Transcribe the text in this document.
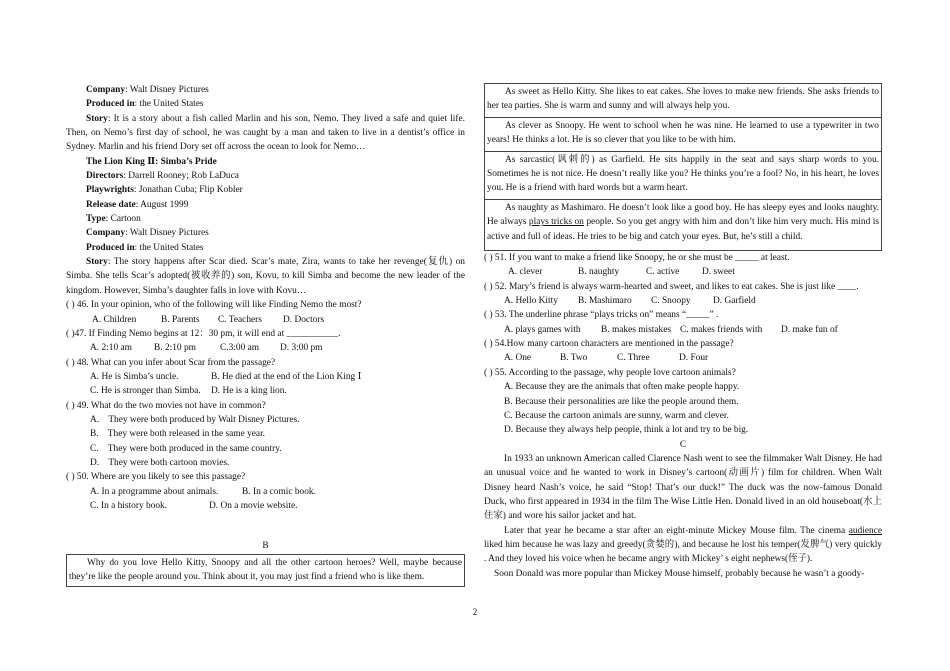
Company: Walt Disney Pictures
Produced in: the United States
Story: It is a story about a fish called Marlin and his son, Nemo. They lived a safe and quiet life. Then, on Nemo’s first day of school, he was caught by a man and taken to live in a dentist’s office in Sydney. Marlin and his friend Dory set off across the ocean to look for Nemo…
The Lion King Ⅱ: Simba’s Pride
Directors: Darrell Rooney; Rob LaDuca
Playwrights: Jonathan Cuba; Flip Kobler
Release date: August 1999
Type: Cartoon
Company: Walt Disney Pictures
Produced in: the United States
Story: The story happens after Scar died. Scar’s mate, Zira, wants to take her revenge(复仇) on Simba. She tells Scar’s adopted(被收养的) son, Kovu, to kill Simba and become the new leader of the kingdom. However, Simba’s daughter falls in love with Kovu…
( ) 46. In your opinion, who of the following will like Finding Nemo the most?
A. Children	B. Parents C. Teachers D. Doctors
( )47. If Finding Nemo begins at 12：30 pm, it will end at ___________.
A. 2:10 am B. 2:10 pm	C.3:00 am D. 3:00 pm
( ) 48. What can you infer about Scar from the passage?
A. He is Simba’s uncle.	B. He died at the end of the Lion King Ⅰ
C. He is stronger than Simba. D. He is a king lion.
( ) 49. What do the two movies not have in common?
A.    They were both produced by Walt Disney Pictures.
B.    They were both released in the same year.
C.    They were both produced in the same country.
D.    They were both cartoon movies.
( ) 50. Where are you likely to see this passage?
A. In a programme about animals.	B. In a comic book.
C. In a history book.	D. On a movie website.
B

Why do you love Hello Kitty, Snoopy and all the other cartoon heroes? Well, maybe because they’re like the people around you. Think about it, you may just find a friend who is like them.

As sweet as Hello Kitty. She likes to eat cakes. She loves to make new friends. She asks friends to her tea parties. She is warm and sunny and will always help you.

As clever as Snoopy. He went to school when he was nine. He learned to use a typewriter in two years! He thinks a lot. He is so clever that you like to be with him.

As sarcastic(讽刺的) as Garfield. He sits happily in the seat and says sharp words to you. Sometimes he is not nice. He doesn’t really like you? He thinks you’re a fool? No, in his heart, he loves you. He is a friend with hard words but a warm heart.

As naughty as Mashimaro. He doesn’t look like a good boy. He has sleepy eyes and looks naughty. He always plays tricks on people. So you get angry with him and don’t like him very much. His mind is active and full of ideas. He tries to be big and catch your eyes. But, he’s still a child.

( ) 51. If you want to make a friend like Snoopy, he or she must be _____ at least.
A. clever	B. naughty	C. active D. sweet
( ) 52. Mary’s friend is always warm-hearted and sweet, and likes to eat cakes. She is just like ____.
A. Hello Kitty B. Mashimaro C. Snoopy D. Garfield
( ) 53. The underline phrase “plays tricks on” means “_____” .
A. plays games with B. makes mistakes C. makes friends with D. make fun of
( ) 54.How many cartoon characters are mentioned in the passage?
A. One	B. Two	C. Three	D. Four
( ) 55. According to the passage, why people love cartoon animals?
A. Because they are the animals that often make people happy.
B. Because their personalities are like the people around them.
C. Because the cartoon animals are sunny, warm and clever.
D. Because they always help people, think a lot and try to be big.
C
In 1933 an unknown American called Clarence Nash went to see the filmmaker Walt Disney. He had an unusual voice and he wanted to work in Disney’s cartoon(动画片) film for children. When Walt Disney heard Nash’s voice, he said “Stop! That’s our duck!” The duck was the now-famous Donald Duck, who first appeared in 1934 in the film The Wise Little Hen. Donald lived in an old houseboat(水上住家) and wore his sailor jacket and hat.
Later that year he became a star after an eight-minute Mickey Mouse film. The cinema audience liked him because he was lazy and greedy(贪婪的), and because he lost his temper(发脾气) very quickly . And they loved his voice when he became angry with Mickey’ s eight nephews(侄子).
Soon Donald was more popular than Mickey Mouse himself, probably because he wasn’t a goody-
2
